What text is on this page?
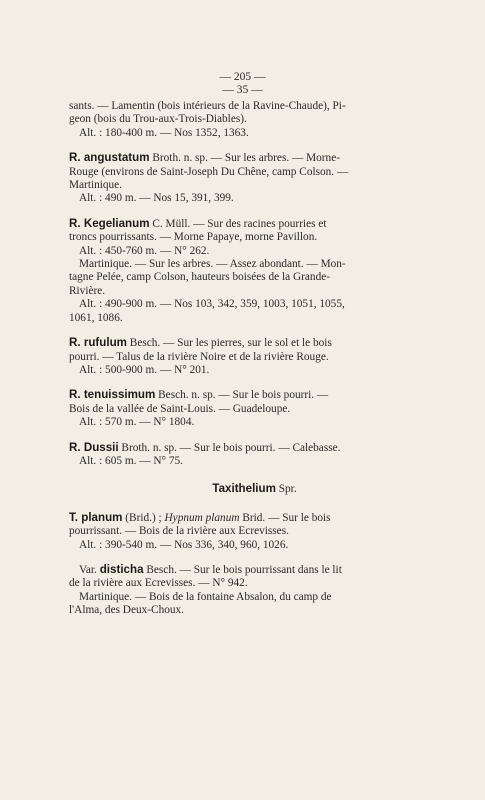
— 205 —
— 35 —

sants. — Lamentin (bois intérieurs de la Ravine-Chaude), Pi-
geon (bois du Trou-aux-Trois-Diables).
Alt. : 180-400 m. — Nos 1352, 1363.

R. angustatum Broth. n. sp. — Sur les arbres. — Morne-
Rouge (environs de Saint-Joseph Du Chêne, camp Colson. —
Martinique.
Alt. : 490 m. — Nos 15, 391, 399.

R. Kegelianum C. Müll. — Sur des racines pourries et
troncs pourrissants. — Morne Papaye, morne Pavillon.
Alt. : 450-760 m. — N° 262.
Martinique. — Sur les arbres. — Assez abondant. — Mon-
tagne Pelée, camp Colson, hauteurs boisées de la Grande-
Rivière.
Alt. : 490-900 m. — Nos 103, 342, 359, 1003, 1051, 1055,
1061, 1086.

R. rufulum Besch. — Sur les pierres, sur le sol et le bois
pourri. — Talus de la rivière Noire et de la rivière Rouge.
Alt. : 500-900 m. — N° 201.

R. tenuissimum Besch. n. sp. — Sur le bois pourri. —
Bois de la vallée de Saint-Louis. — Guadeloupe.
Alt. : 570 m. — N° 1804.

R. Dussii Broth. n. sp. — Sur le bois pourri. — Calebasse.
Alt. : 605 m. — N° 75.

Taxithelium Spr.

T. planum (Brid.) ; Hypnum planum Brid. — Sur le bois
pourrissant. — Bois de la rivière aux Ecrevisses.
Alt. : 390-540 m. — Nos 336, 340, 960, 1026.

Var. disticha Besch. — Sur le bois pourrissant dans le lit
de la rivière aux Ecrevisses. — N° 942.
Martinique. — Bois de la fontaine Absalon, du camp de
l'Alma, des Deux-Choux.
